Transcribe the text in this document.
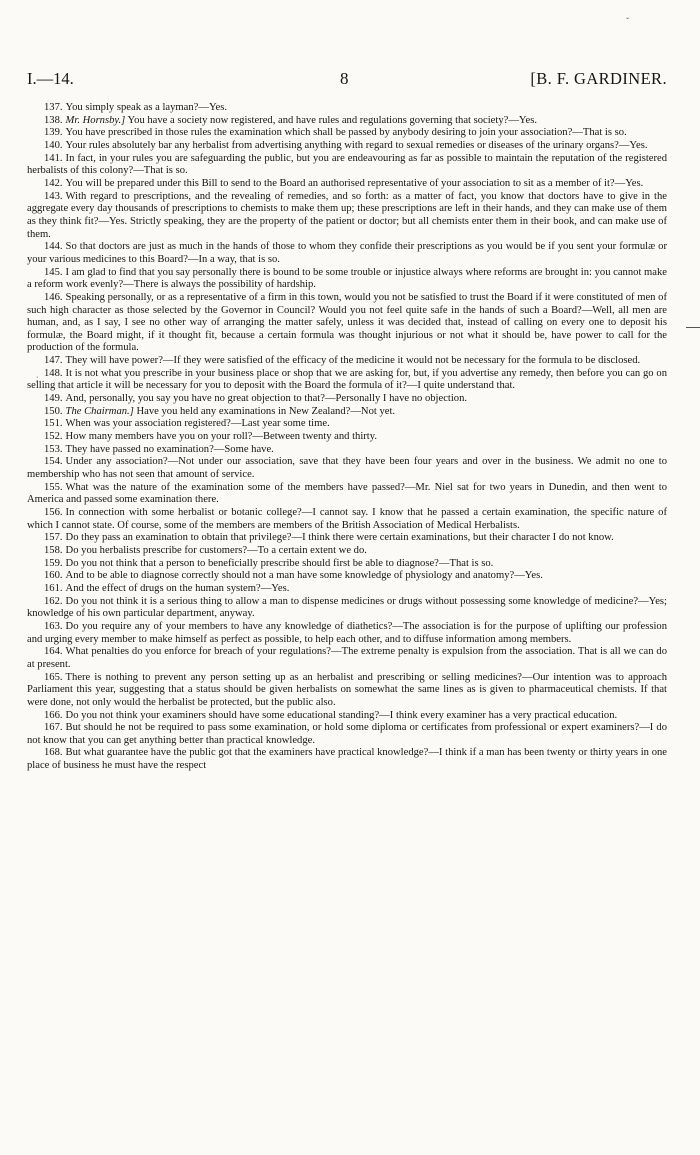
ˇ
;
I.—14.	8	[B. F. GARDINER.

137. You simply speak as a layman?—Yes.

138. Mr. Hornsby.] You have a society now registered, and have rules and regulations governing that society?—Yes.

139. You have prescribed in those rules the examination which shall be passed by anybody desiring to join your association?—That is so.

140. Your rules absolutely bar any herbalist from advertising anything with regard to sexual remedies or diseases of the urinary organs?—Yes.

141. In fact, in your rules you are safeguarding the public, but you are endeavouring as far as possible to maintain the reputation of the registered herbalists of this colony?—That is so.

142. You will be prepared under this Bill to send to the Board an authorised representative of your association to sit as a member of it?—Yes.

143. With regard to prescriptions, and the revealing of remedies, and so forth: as a matter of fact, you know that doctors have to give in the aggregate every day thousands of prescriptions to chemists to make them up; these prescriptions are left in their hands, and they can make use of them as they think fit?—Yes. Strictly speaking, they are the property of the patient or doctor; but all chemists enter them in their book, and can make use of them.

144. So that doctors are just as much in the hands of those to whom they confide their prescriptions as you would be if you sent your formulæ or your various medicines to this Board?—In a way, that is so.

145. I am glad to find that you say personally there is bound to be some trouble or injustice always where reforms are brought in: you cannot make a reform work evenly?—There is always the possibility of hardship.

146. Speaking personally, or as a representative of a firm in this town, would you not be satisfied to trust the Board if it were constituted of men of such high character as those selected by the Governor in Council? Would you not feel quite safe in the hands of such a Board?—Well, all men are human, and, as I say, I see no other way of arranging the matter safely, unless it was decided that, instead of calling on every one to deposit his formulæ, the Board might, if it thought fit, because a certain formula was thought injurious or not what it should be, have power to call for the production of the formula.

147. They will have power?—If they were satisfied of the efficacy of the medicine it would not be necessary for the formula to be disclosed.

148. It is not what you prescribe in your business place or shop that we are asking for, but, if you advertise any remedy, then before you can go on selling that article it will be necessary for you to deposit with the Board the formula of it?—I quite understand that.

149. And, personally, you say you have no great objection to that?—Personally I have no objection.

150. The Chairman.] Have you held any examinations in New Zealand?—Not yet.

151. When was your association registered?—Last year some time.

152. How many members have you on your roll?—Between twenty and thirty.

153. They have passed no examination?—Some have.

154. Under any association?—Not under our association, save that they have been four years and over in the business. We admit no one to membership who has not seen that amount of service.

155. What was the nature of the examination some of the members have passed?—Mr. Niel sat for two years in Dunedin, and then went to America and passed some examination there.

156. In connection with some herbalist or botanic college?—I cannot say. I know that he passed a certain examination, the specific nature of which I cannot state. Of course, some of the members are members of the British Association of Medical Herbalists.

157. Do they pass an examination to obtain that privilege?—I think there were certain examinations, but their character I do not know.

158. Do you herbalists prescribe for customers?—To a certain extent we do.

159. Do you not think that a person to beneficially prescribe should first be able to diagnose?—That is so.

160. And to be able to diagnose correctly should not a man have some knowledge of physiology and anatomy?—Yes.

161. And the effect of drugs on the human system?—Yes.

162. Do you not think it is a serious thing to allow a man to dispense medicines or drugs without possessing some knowledge of medicine?—Yes; knowledge of his own particular department, anyway.

163. Do you require any of your members to have any knowledge of diathetics?—The association is for the purpose of uplifting our profession and urging every member to make himself as perfect as possible, to help each other, and to diffuse information among members.

164. What penalties do you enforce for breach of your regulations?—The extreme penalty is expulsion from the association. That is all we can do at present.

165. There is nothing to prevent any person setting up as an herbalist and prescribing or selling medicines?—Our intention was to approach Parliament this year, suggesting that a status should be given herbalists on somewhat the same lines as is given to pharmaceutical chemists. If that were done, not only would the herbalist be protected, but the public also.

166. Do you not think your examiners should have some educational standing?—I think every examiner has a very practical education.

167. But should he not be required to pass some examination, or hold some diploma or certificates from professional or expert examiners?—I do not know that you can get anything better than practical knowledge.

168. But what guarantee have the public got that the examiners have practical knowledge?—I think if a man has been twenty or thirty years in one place of business he must have the respect
